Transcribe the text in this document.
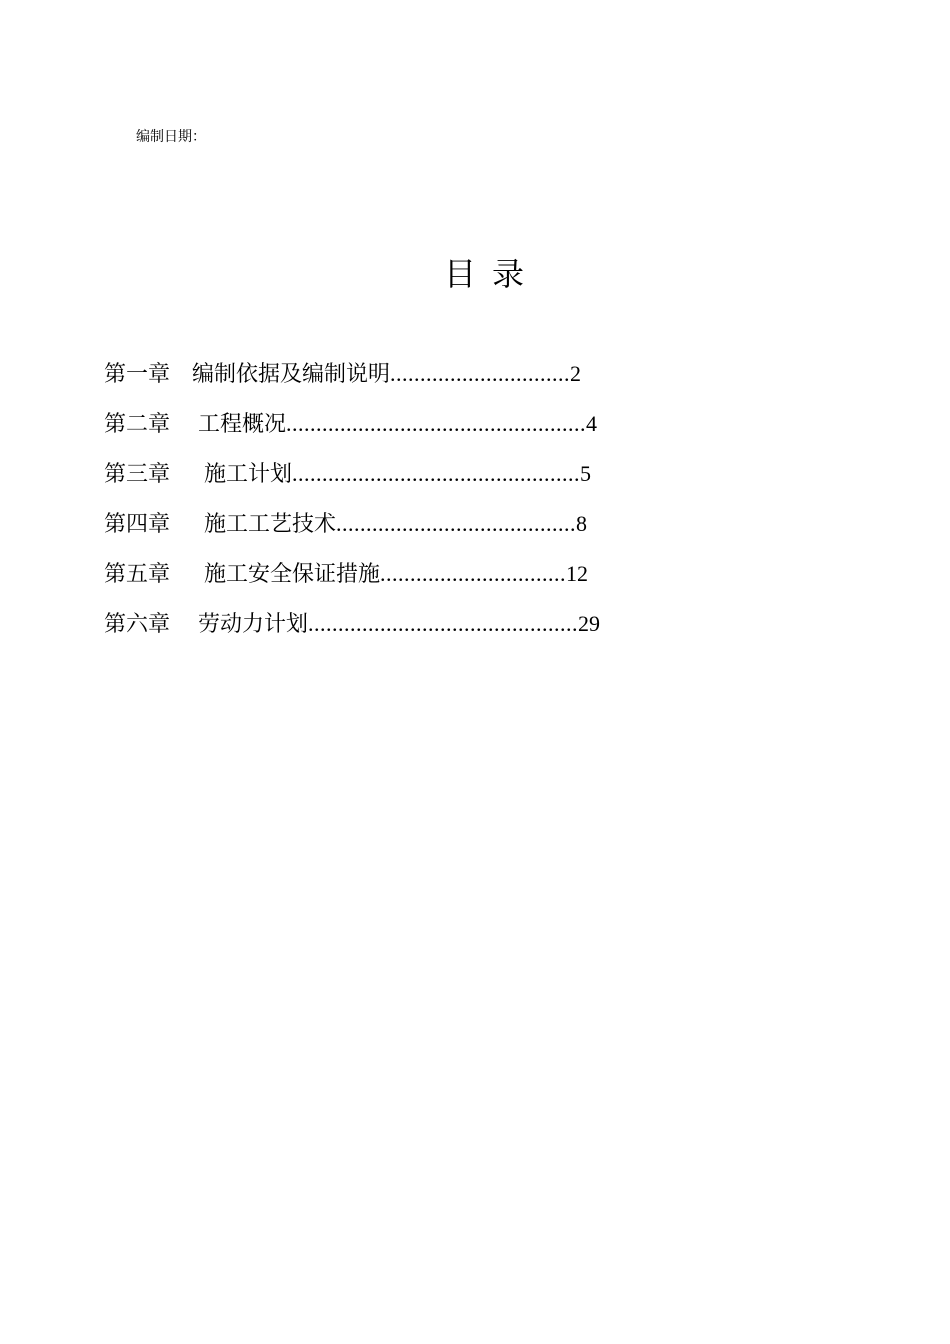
编制日期：
目录
第一章 编制依据及编制说明 .............................. 2
第二章	工程概况 .................................................. 4
第三章	施工计划 ................................................ 5
第四章	施工工艺技术 ........................................ 8
第五章	施工安全保证措施 ............................... 12
第六章	劳动力计划 ............................................. 29
